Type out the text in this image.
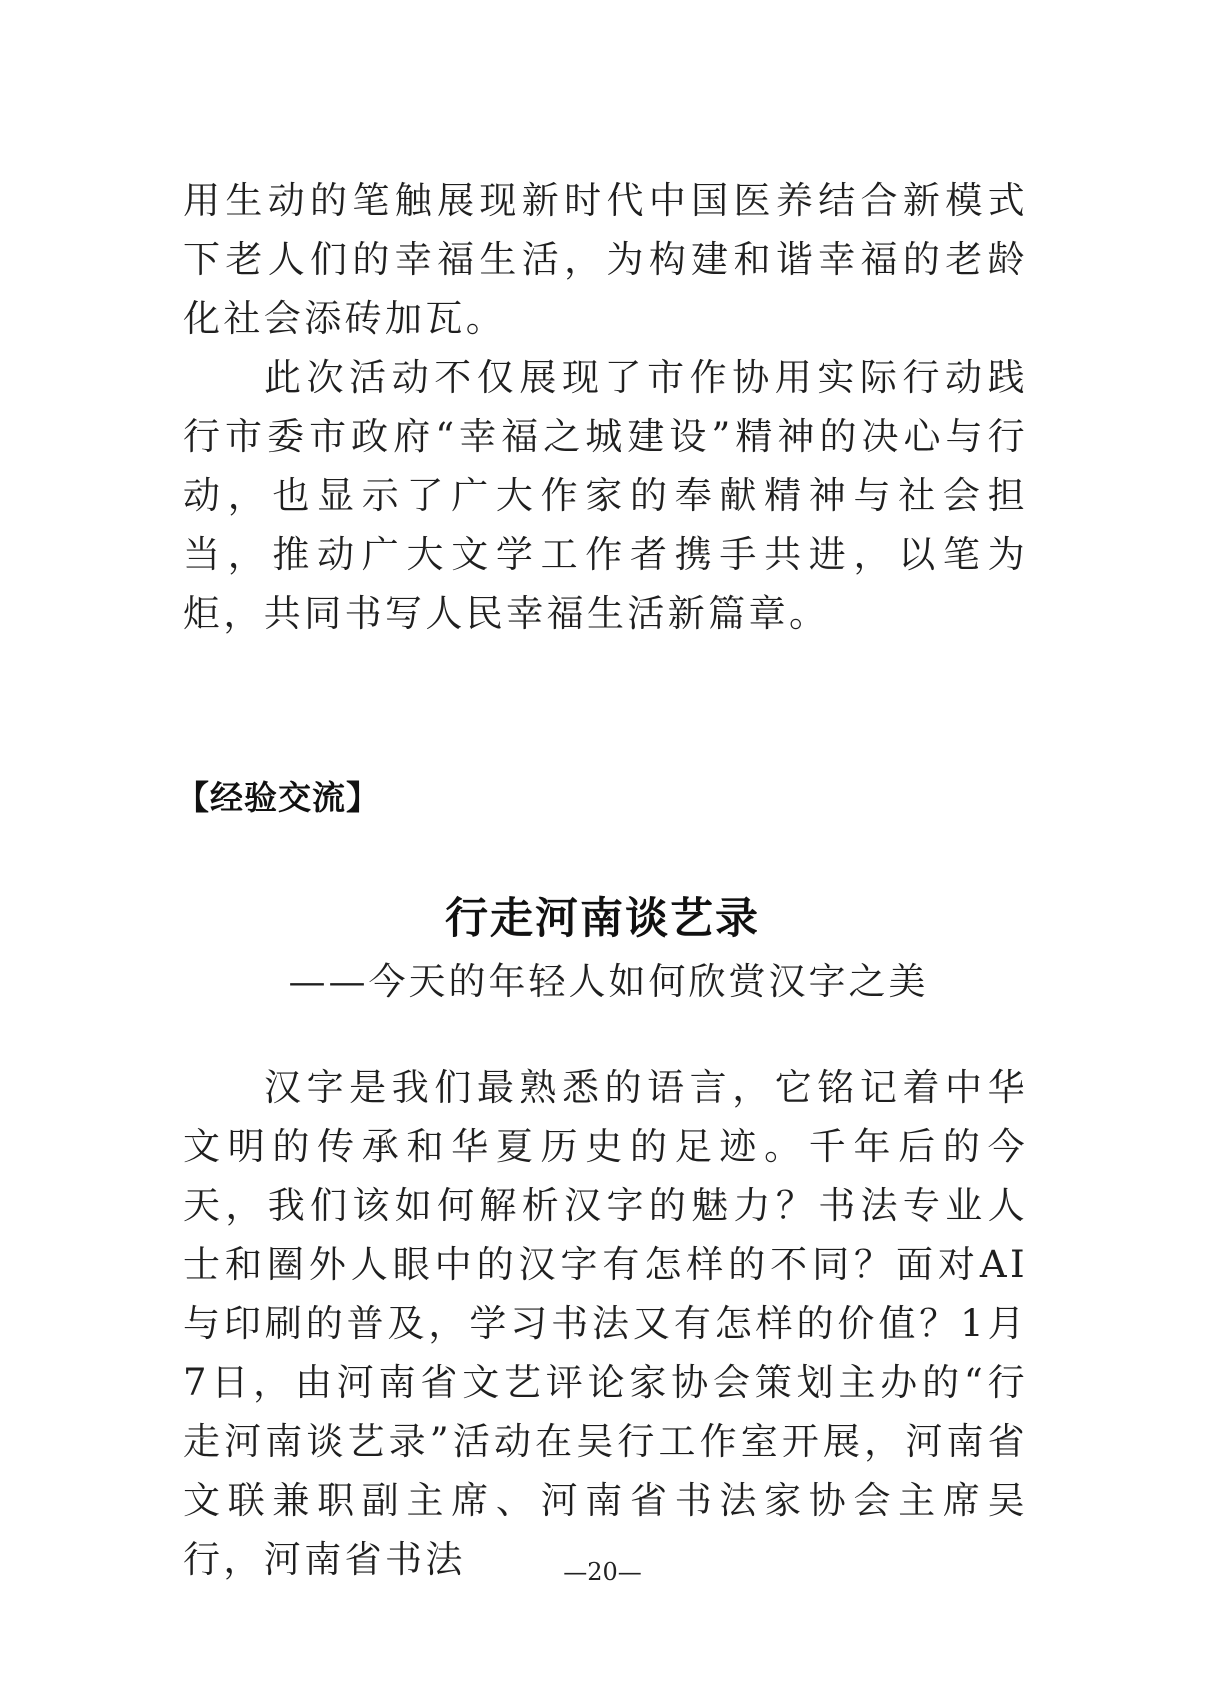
用生动的笔触展现新时代中国医养结合新模式下老人们的幸福生活，为构建和谐幸福的老龄化社会添砖加瓦。

此次活动不仅展现了市作协用实际行动践行市委市政府“幸福之城建设”精神的决心与行动，也显示了广大作家的奉献精神与社会担当，推动广大文学工作者携手共进，以笔为炬，共同书写人民幸福生活新篇章。

【经验交流】
行走河南谈艺录
——今天的年轻人如何欣赏汉字之美

汉字是我们最熟悉的语言，它铭记着中华文明的传承和华夏历史的足迹。千年后的今天，我们该如何解析汉字的魅力？书法专业人士和圈外人眼中的汉字有怎样的不同？面对AI与印刷的普及，学习书法又有怎样的价值？1月7日，由河南省文艺评论家协会策划主办的“行走河南谈艺录”活动在吴行工作室开展，河南省文联兼职副主席、河南省书法家协会主席吴行，河南省书法	—20—
